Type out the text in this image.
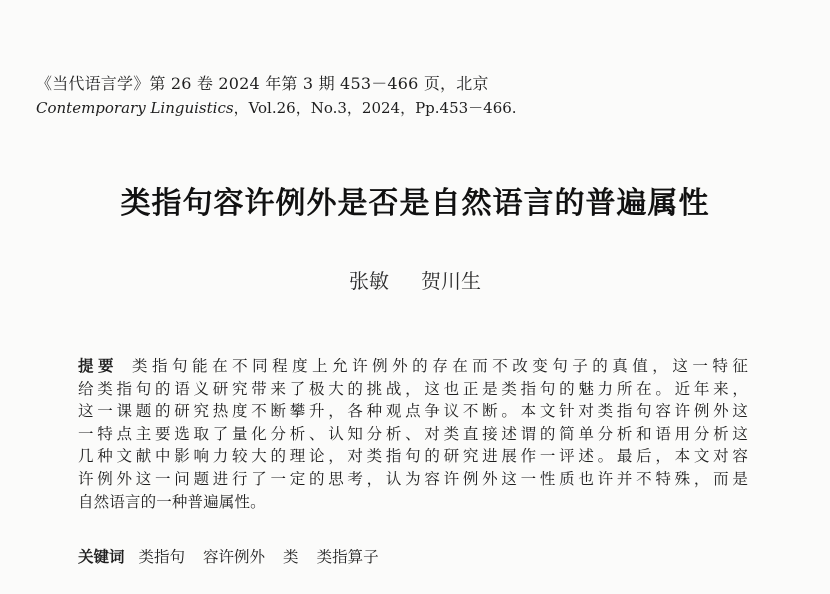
《当代语言学》第 26 卷 2024 年第 3 期 453－466 页，北京
Contemporary Linguistics，Vol.26，No.3，2024，Pp.453－466.
类指句容许例外是否是自然语言的普遍属性
张敏 贺川生
提要 类指句能在不同程度上允许例外的存在而不改变句子的真值，这一特征
给类指句的语义研究带来了极大的挑战，这也正是类指句的魅力所在。近年来，
这一课题的研究热度不断攀升，各种观点争议不断。本文针对类指句容许例外这
一特点主要选取了量化分析、认知分析、对类直接述谓的简单分析和语用分析这
几种文献中影响力较大的理论，对类指句的研究进展作一评述。最后，本文对容
许例外这一问题进行了一定的思考，认为容许例外这一性质也许并不特殊，而是
自然语言的一种普遍属性。
关键词 类指句 容许例外 类 类指算子
